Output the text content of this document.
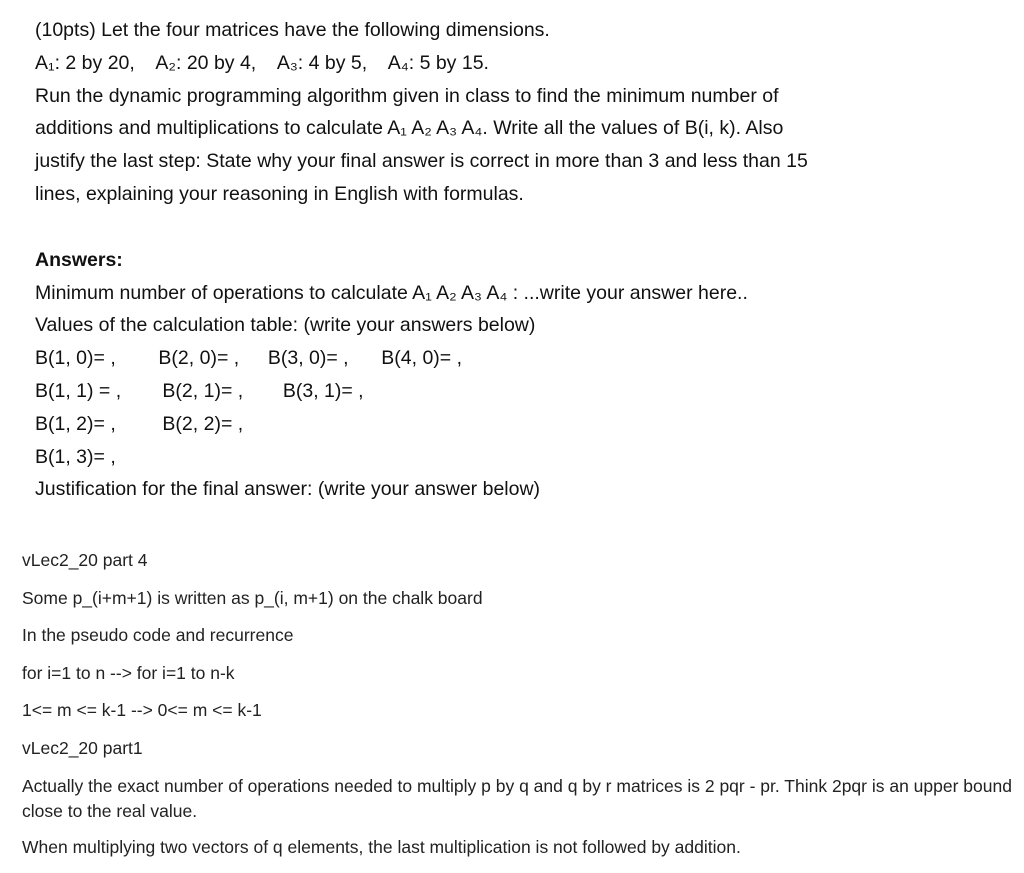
(10pts) Let the four matrices have the following dimensions.
A₁: 2 by 20, A₂: 20 by 4, A₃: 4 by 5, A₄: 5 by 15.
Run the dynamic programming algorithm given in class to find the minimum number of
additions and multiplications to calculate A₁ A₂ A₃ A₄. Write all the values of B(i, k). Also
justify the last step: State why your final answer is correct in more than 3 and less than 15
lines, explaining your reasoning in English with formulas.
Answers:
Minimum number of operations to calculate A₁ A₂ A₃ A₄ : ...write your answer here..
Values of the calculation table: (write your answers below)
B(1, 0)= , B(2, 0)= , B(3, 0)= , B(4, 0)= ,
B(1, 1) = , B(2, 1)= , B(3, 1)= ,
B(1, 2)= , B(2, 2)= ,
B(1, 3)= ,
Justification for the final answer: (write your answer below)
vLec2_20 part 4
Some p_(i+m+1) is written as p_(i, m+1) on the chalk board
In the pseudo code and recurrence
for i=1 to n --> for i=1 to n-k
1<= m <= k-1 --> 0<= m <= k-1
vLec2_20 part1
Actually the exact number of operations needed to multiply p by q and q by r matrices is 2 pqr - pr. Think 2pqr is an upper bound close to the real value.
When multiplying two vectors of q elements, the last multiplication is not followed by addition.
